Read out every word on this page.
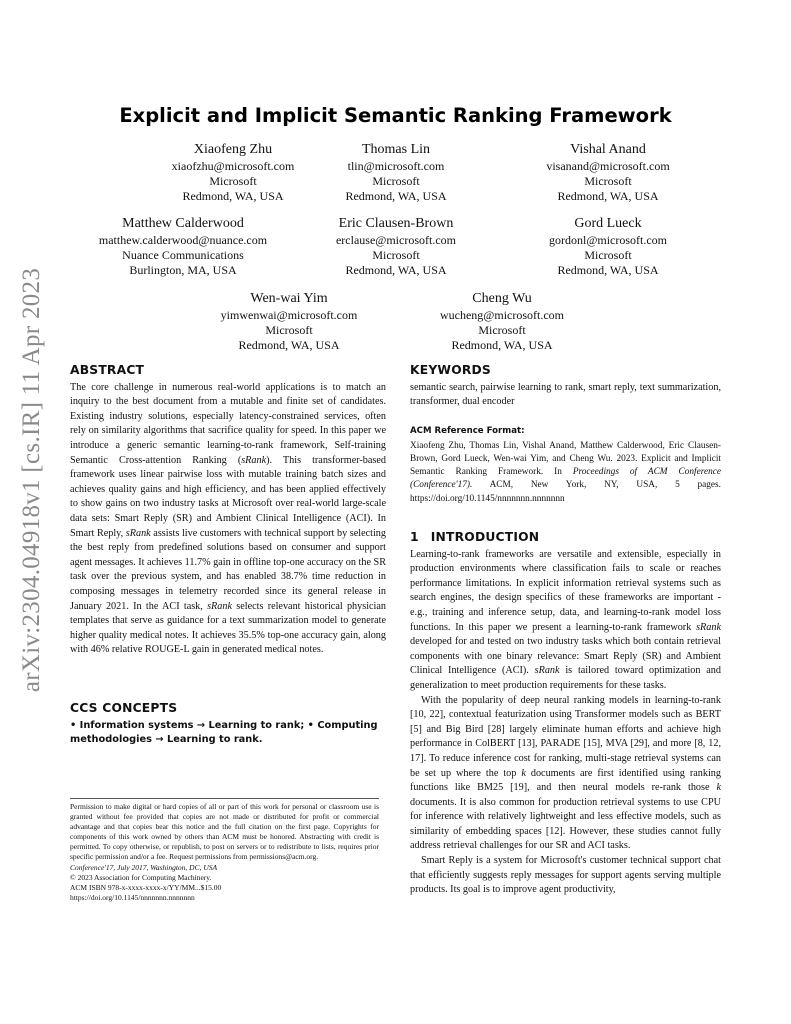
arXiv:2304.04918v1 [cs.IR] 11 Apr 2023
Explicit and Implicit Semantic Ranking Framework
Xiaofeng Zhu
xiaofzhu@microsoft.com
Microsoft
Redmond, WA, USA
Thomas Lin
tlin@microsoft.com
Microsoft
Redmond, WA, USA
Vishal Anand
visanand@microsoft.com
Microsoft
Redmond, WA, USA
Matthew Calderwood
matthew.calderwood@nuance.com
Nuance Communications
Burlington, MA, USA
Eric Clausen-Brown
erclause@microsoft.com
Microsoft
Redmond, WA, USA
Gord Lueck
gordonl@microsoft.com
Microsoft
Redmond, WA, USA
Wen-wai Yim
yimwenwai@microsoft.com
Microsoft
Redmond, WA, USA
Cheng Wu
wucheng@microsoft.com
Microsoft
Redmond, WA, USA
ABSTRACT

The core challenge in numerous real-world applications is to match an inquiry to the best document from a mutable and finite set of candidates. Existing industry solutions, especially latency-constrained services, often rely on similarity algorithms that sacrifice quality for speed. In this paper we introduce a generic semantic learning-to-rank framework, Self-training Semantic Cross-attention Ranking (sRank). This transformer-based framework uses linear pairwise loss with mutable training batch sizes and achieves quality gains and high efficiency, and has been applied effectively to show gains on two industry tasks at Microsoft over real-world large-scale data sets: Smart Reply (SR) and Ambient Clinical Intelligence (ACI). In Smart Reply, sRank assists live customers with technical support by selecting the best reply from predefined solutions based on consumer and support agent messages. It achieves 11.7% gain in offline top-one accuracy on the SR task over the previous system, and has enabled 38.7% time reduction in composing messages in telemetry recorded since its general release in January 2021. In the ACI task, sRank selects relevant historical physician templates that serve as guidance for a text summarization model to generate higher quality medical notes. It achieves 35.5% top-one accuracy gain, along with 46% relative ROUGE-L gain in generated medical notes.

CCS CONCEPTS

• Information systems → Learning to rank; • Computing methodologies → Learning to rank.

Permission to make digital or hard copies of all or part of this work for personal or classroom use is granted without fee provided that copies are not made or distributed for profit or commercial advantage and that copies bear this notice and the full citation on the first page. Copyrights for components of this work owned by others than ACM must be honored. Abstracting with credit is permitted. To copy otherwise, or republish, to post on servers or to redistribute to lists, requires prior specific permission and/or a fee. Request permissions from permissions@acm.org.

Conference'17, July 2017, Washington, DC, USA

© 2023 Association for Computing Machinery.

ACM ISBN 978-x-xxxx-xxxx-x/YY/MM...$15.00

https://doi.org/10.1145/nnnnnnn.nnnnnnn

KEYWORDS

semantic search, pairwise learning to rank, smart reply, text summarization, transformer, dual encoder

ACM Reference Format:

Xiaofeng Zhu, Thomas Lin, Vishal Anand, Matthew Calderwood, Eric Clausen-Brown, Gord Lueck, Wen-wai Yim, and Cheng Wu. 2023. Explicit and Implicit Semantic Ranking Framework. In Proceedings of ACM Conference (Conference'17). ACM, New York, NY, USA, 5 pages. https://doi.org/10.1145/nnnnnnn.nnnnnnn

1 INTRODUCTION

Learning-to-rank frameworks are versatile and extensible, especially in production environments where classification fails to scale or reaches performance limitations. In explicit information retrieval systems such as search engines, the design specifics of these frameworks are important - e.g., training and inference setup, data, and learning-to-rank model loss functions. In this paper we present a learning-to-rank framework sRank developed for and tested on two industry tasks which both contain retrieval components with one binary relevance: Smart Reply (SR) and Ambient Clinical Intelligence (ACI). sRank is tailored toward optimization and generalization to meet production requirements for these tasks.

With the popularity of deep neural ranking models in learning-to-rank [10, 22], contextual featurization using Transformer models such as BERT [5] and Big Bird [28] largely eliminate human efforts and achieve high performance in ColBERT [13], PARADE [15], MVA [29], and more [8, 12, 17]. To reduce inference cost for ranking, multi-stage retrieval systems can be set up where the top k documents are first identified using ranking functions like BM25 [19], and then neural models re-rank those k documents. It is also common for production retrieval systems to use CPU for inference with relatively lightweight and less effective models, such as similarity of embedding spaces [12]. However, these studies cannot fully address retrieval challenges for our SR and ACI tasks.

Smart Reply is a system for Microsoft's customer technical support chat that efficiently suggests reply messages for support agents serving multiple products. Its goal is to improve agent productivity,
